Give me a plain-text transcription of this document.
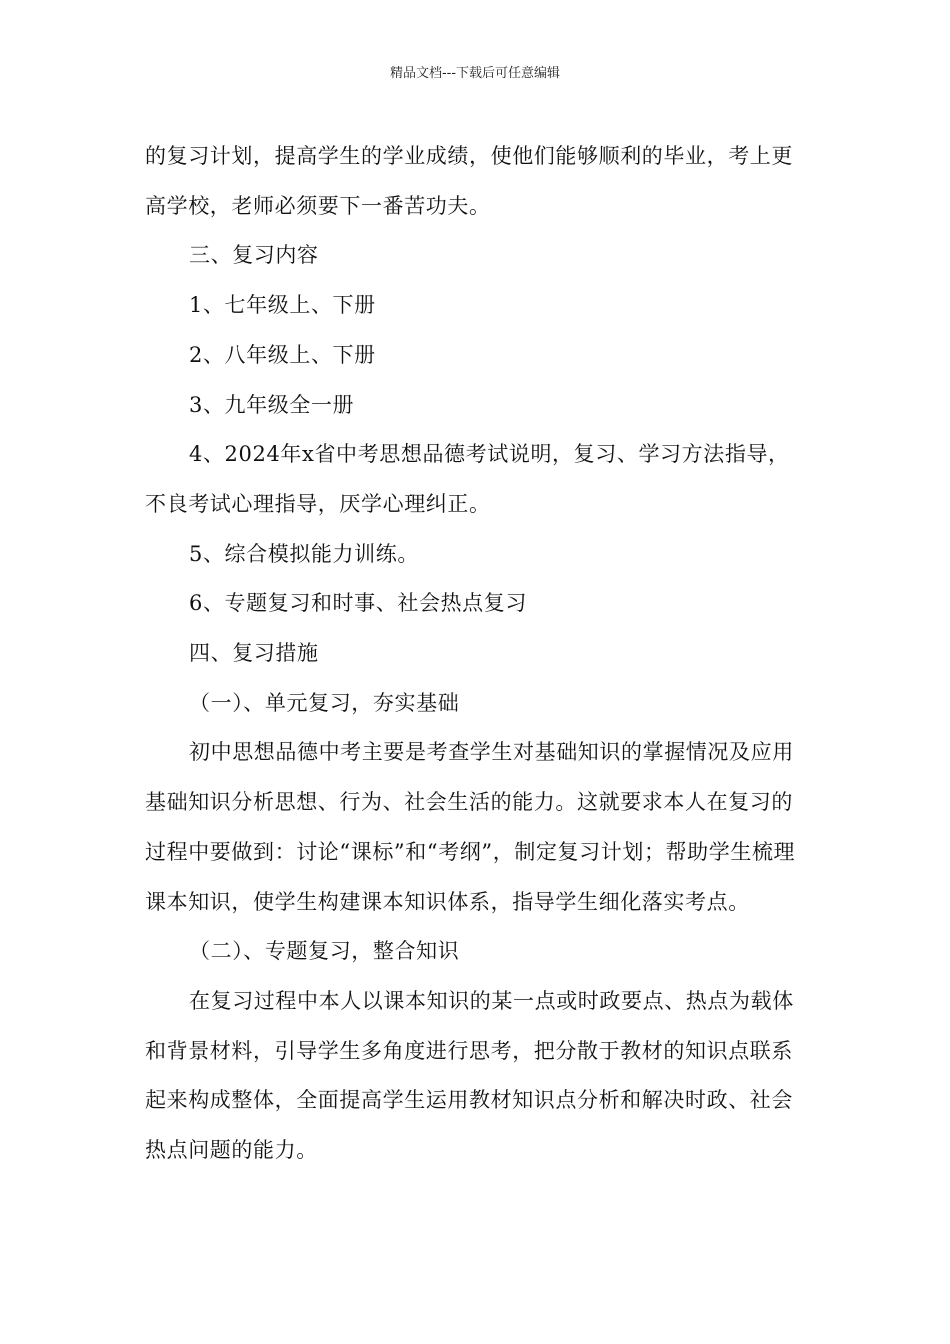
精品文档---下载后可任意编辑

的复习计划，提高学生的学业成绩，使他们能够顺利的毕业，考上更高学校，老师必须要下一番苦功夫。

三、复习内容

1、七年级上、下册

2、八年级上、下册

3、九年级全一册

4、2024年x省中考思想品德考试说明，复习、学习方法指导，不良考试心理指导，厌学心理纠正。

5、综合模拟能力训练。

6、专题复习和时事、社会热点复习

四、复习措施

（一）、单元复习，夯实基础

初中思想品德中考主要是考查学生对基础知识的掌握情况及应用基础知识分析思想、行为、社会生活的能力。这就要求本人在复习的过程中要做到：讨论“课标”和“考纲”，制定复习计划；帮助学生梳理课本知识，使学生构建课本知识体系，指导学生细化落实考点。

（二）、专题复习，整合知识

在复习过程中本人以课本知识的某一点或时政要点、热点为载体和背景材料，引导学生多角度进行思考，把分散于教材的知识点联系起来构成整体，全面提高学生运用教材知识点分析和解决时政、社会热点问题的能力。
